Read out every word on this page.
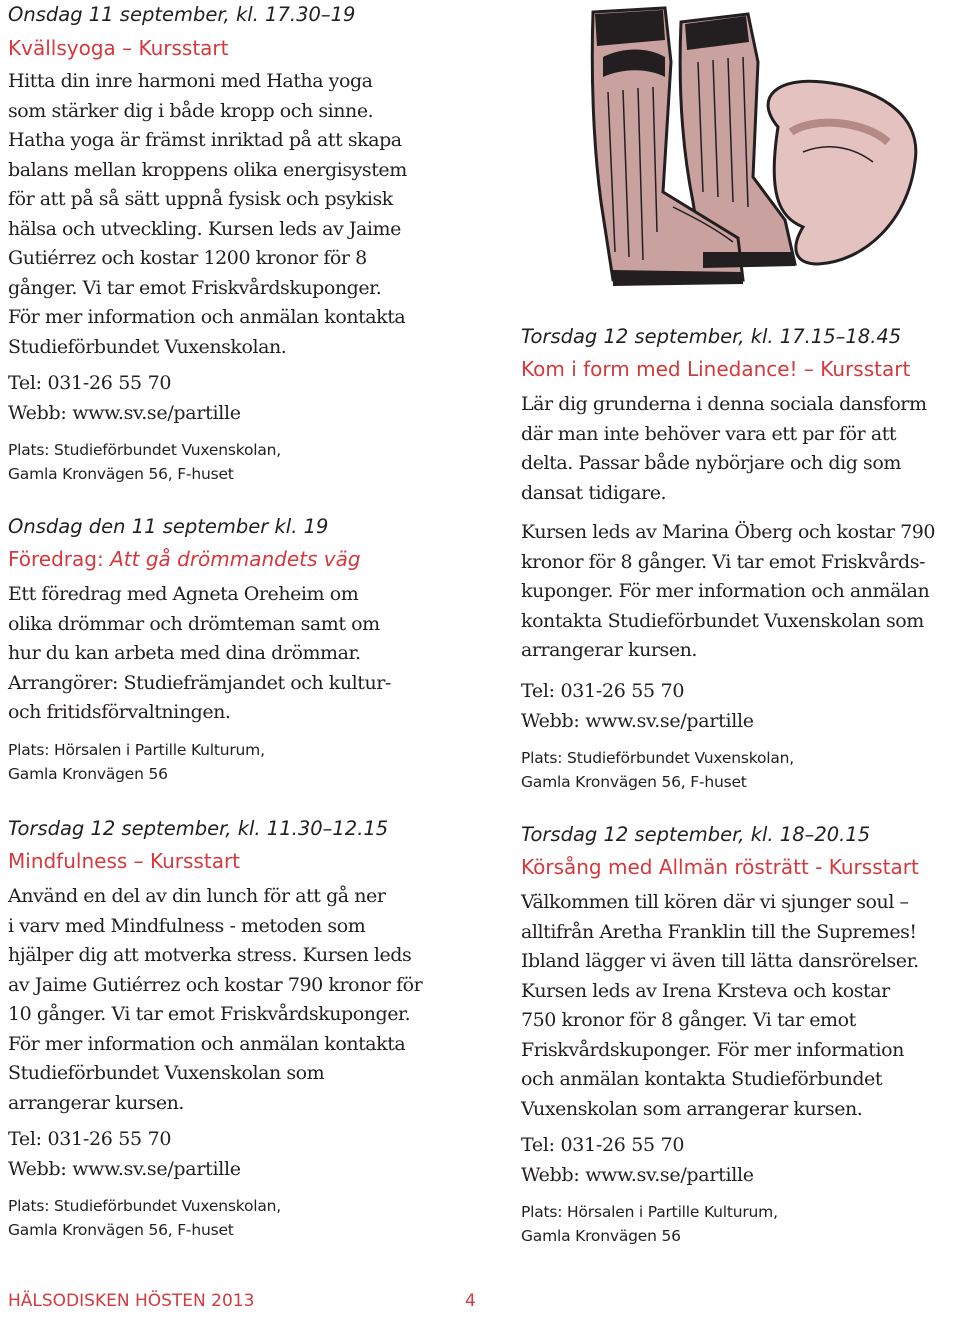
Onsdag 11 september, kl. 17.30–19
Kvällsyoga – Kursstart
Hitta din inre harmoni med Hatha yoga
som stärker dig i både kropp och sinne.
Hatha yoga är främst inriktad på att skapa
balans mellan kroppens olika energisystem
för att på så sätt uppnå fysisk och psykisk
hälsa och utveckling. Kursen leds av Jaime
Gutiérrez och kostar 1200 kronor för 8
gånger. Vi tar emot Friskvårdskuponger.
För mer information och anmälan kontakta
Studieförbundet Vuxenskolan.
Tel: 031-26 55 70
Webb: www.sv.se/partille
Plats: Studieförbundet Vuxenskolan,
Gamla Kronvägen 56, F-huset
Onsdag den 11 september kl. 19
Föredrag: Att gå drömmandets väg
Ett föredrag med Agneta Oreheim om
olika drömmar och drömteman samt om
hur du kan arbeta med dina drömmar.
Arrangörer: Studiefrämjandet och kultur-
och fritidsförvaltningen.
Plats: Hörsalen i Partille Kulturum,
Gamla Kronvägen 56
Torsdag 12 september, kl. 11.30–12.15
Mindfulness – Kursstart
Använd en del av din lunch för att gå ner
i varv med Mindfulness - metoden som
hjälper dig att motverka stress. Kursen leds
av Jaime Gutiérrez och kostar 790 kronor för
10 gånger. Vi tar emot Friskvårdskuponger.
För mer information och anmälan kontakta
Studieförbundet Vuxenskolan som
arrangerar kursen.
Tel: 031-26 55 70
Webb: www.sv.se/partille
Plats: Studieförbundet Vuxenskolan,
Gamla Kronvägen 56, F-huset
Torsdag 12 september, kl. 17.15–18.45
Kom i form med Linedance! – Kursstart

Lär dig grunderna i denna sociala dansform
där man inte behöver vara ett par för att
delta. Passar både nybörjare och dig som
dansat tidigare.

Kursen leds av Marina Öberg och kostar 790
kronor för 8 gånger. Vi tar emot Friskvårds-
kuponger. För mer information och anmälan
kontakta Studieförbundet Vuxenskolan som
arrangerar kursen.

Tel: 031-26 55 70
Webb: www.sv.se/partille
Plats: Studieförbundet Vuxenskolan,
Gamla Kronvägen 56, F-huset
Torsdag 12 september, kl. 18–20.15
Körsång med Allmän rösträtt - Kursstart
Välkommen till kören där vi sjunger soul –
alltifrån Aretha Franklin till the Supremes!
Ibland lägger vi även till lätta dansrörelser.
Kursen leds av Irena Krsteva och kostar
750 kronor för 8 gånger. Vi tar emot
Friskvårdskuponger. För mer information
och anmälan kontakta Studieförbundet
Vuxenskolan som arrangerar kursen.
Tel: 031-26 55 70
Webb: www.sv.se/partille
Plats: Hörsalen i Partille Kulturum,
Gamla Kronvägen 56
HÄLSODISKEN HÖSTEN 2013	4
